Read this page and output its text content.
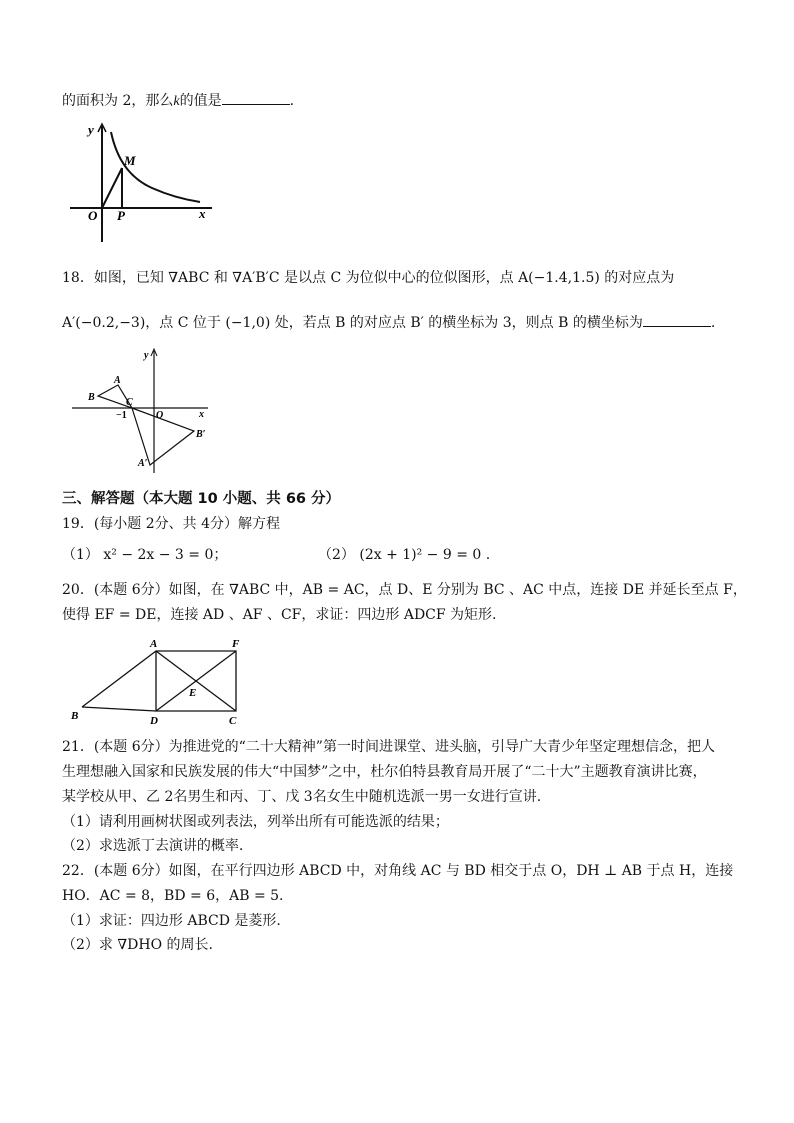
的面积为 2，那么k的值是	.
y
M
O P	x
18．如图，已知 ∇ABC 和 ∇A′B′C 是以点 C 为位似中心的位似图形，点 A(−1.4,1.5) 的对应点为
A′(−0.2,−3)，点 C 位于 (−1,0) 处，若点 B 的对应点 B′ 的横坐标为 3，则点 B 的横坐标为	.
y
A
B	C
−1	O	x
B′
A′
三、解答题（本大题 10 小题、共 66 分）
19．(每小题 2分、共 4分）解方程
（1） x² − 2x − 3 = 0；	（2） (2x + 1)² − 9 = 0 .
20．(本题 6分）如图，在 ∇ABC 中，AB = AC，点 D、E 分别为 BC 、AC 中点，连接 DE 并延长至点 F，
使得 EF = DE，连接 AD 、AF 、CF，求证：四边形 ADCF 为矩形.
A	F
E
B	D	C
21．(本题 6分）为推进党的“二十大精神”第一时间进课堂、进头脑，引导广大青少年坚定理想信念，把人
生理想融入国家和民族发展的伟大“中国梦”之中，杜尔伯特县教育局开展了“二十大”主题教育演讲比赛，
某学校从甲、乙 2名男生和丙、丁、戊 3名女生中随机选派一男一女进行宣讲.
（1）请利用画树状图或列表法，列举出所有可能选派的结果；
（2）求选派丁去演讲的概率.
22．(本题 6分）如图，在平行四边形 ABCD 中，对角线 AC 与 BD 相交于点 O，DH ⊥ AB 于点 H，连接
HO．AC = 8，BD = 6，AB = 5.
（1）求证：四边形 ABCD 是菱形.
（2）求 ∇DHO 的周长.
